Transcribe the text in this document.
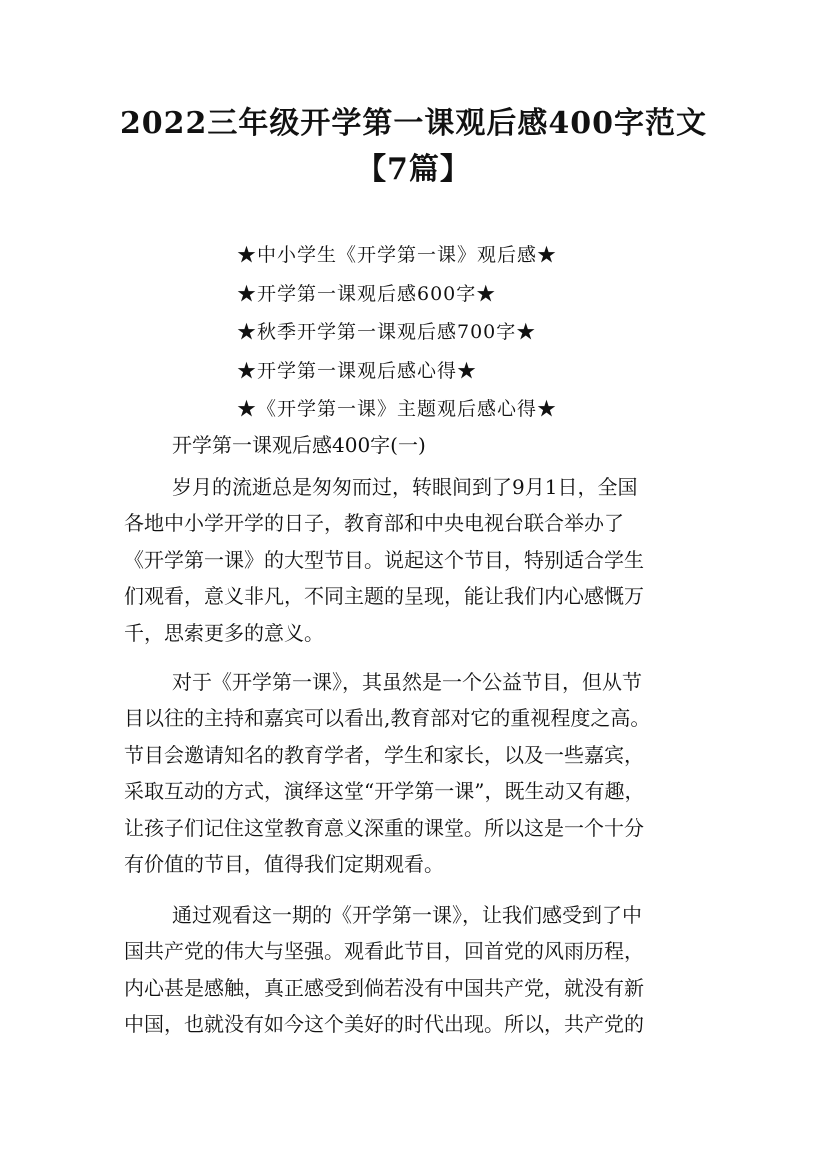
2022三年级开学第一课观后感400字范文
【7篇】
★中小学生《开学第一课》观后感★
★开学第一课观后感600字★
★秋季开学第一课观后感700字★
★开学第一课观后感心得★
★《开学第一课》主题观后感心得★
开学第一课观后感400字(一)
岁月的流逝总是匆匆而过，转眼间到了9月1日，全国
各地中小学开学的日子，教育部和中央电视台联合举办了
《开学第一课》的大型节目。说起这个节目，特别适合学生
们观看，意义非凡，不同主题的呈现，能让我们内心感慨万
千，思索更多的意义。
对于《开学第一课》，其虽然是一个公益节目，但从节
目以往的主持和嘉宾可以看出,教育部对它的重视程度之高。
节目会邀请知名的教育学者，学生和家长，以及一些嘉宾，
采取互动的方式，演绎这堂“开学第一课”，既生动又有趣，
让孩子们记住这堂教育意义深重的课堂。所以这是一个十分
有价值的节目，值得我们定期观看。
通过观看这一期的《开学第一课》，让我们感受到了中
国共产党的伟大与坚强。观看此节目，回首党的风雨历程，
内心甚是感触，真正感受到倘若没有中国共产党，就没有新
中国，也就没有如今这个美好的时代出现。所以，共产党的
